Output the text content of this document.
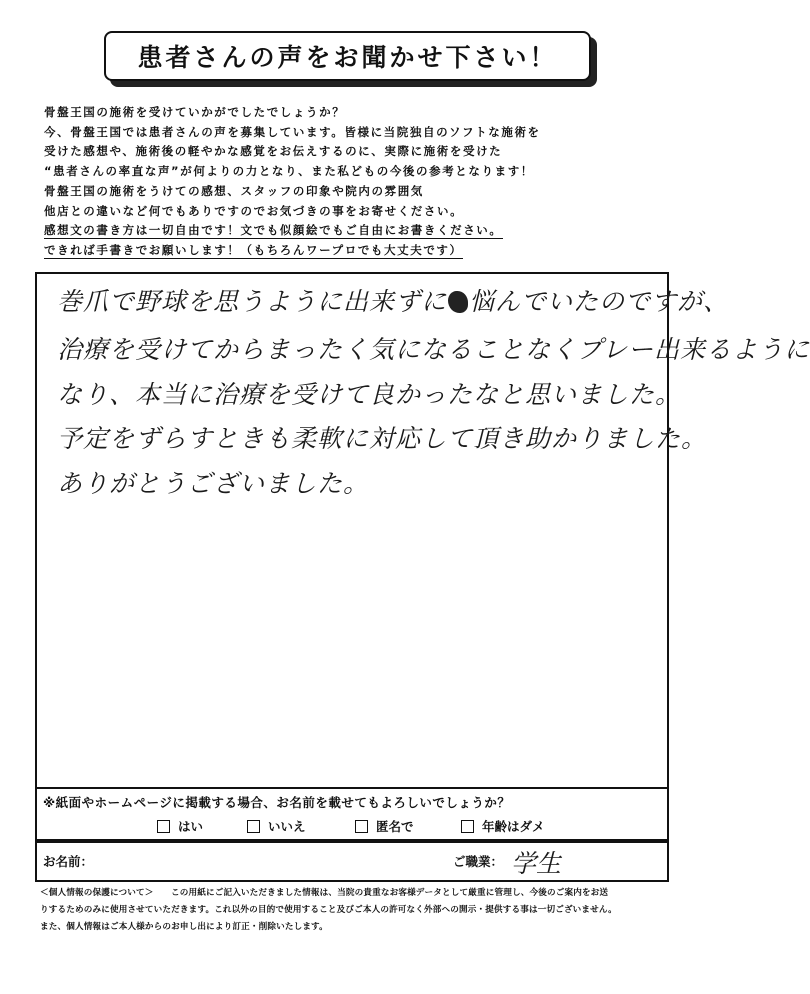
患者さんの声をお聞かせ下さい！
骨盤王国の施術を受けていかがでしたでしょうか？
今、骨盤王国では患者さんの声を募集しています。皆様に当院独自のソフトな施術を
受けた感想や、施術後の軽やかな感覚をお伝えするのに、実際に施術を受けた
“患者さんの率直な声”が何よりの力となり、また私どもの今後の参考となります！
骨盤王国の施術をうけての感想、スタッフの印象や院内の雰囲気
他店との違いなど何でもありですのでお気づきの事をお寄せください。
感想文の書き方は一切自由です！文でも似顔絵でもご自由にお書きください。
できれば手書きでお願いします！（もちろんワープロでも大丈夫です）
巻爪で野球を思うように出来ずに 悩んでいたのですが、
治療を受けてからまったく気になることなくプレー出来るように
なり、本当に治療を受けて良かったなと思いました。
予定をずらすときも柔軟に対応して頂き助かりました。
ありがとうございました。
※紙面やホームページに掲載する場合、お名前を載せてもよろしいでしょうか？
はい	いいえ	匿名で	年齢はダメ
お名前：	ご職業： 学生
＜個人情報の保護について＞　　この用紙にご記入いただきました情報は、当院の貴重なお客様データとして厳重に管理し、今後のご案内をお送
りするためのみに使用させていただきます。これ以外の目的で使用すること及びご本人の許可なく外部への開示・提供する事は一切ございません。
また、個人情報はご本人様からのお申し出により訂正・削除いたします。
